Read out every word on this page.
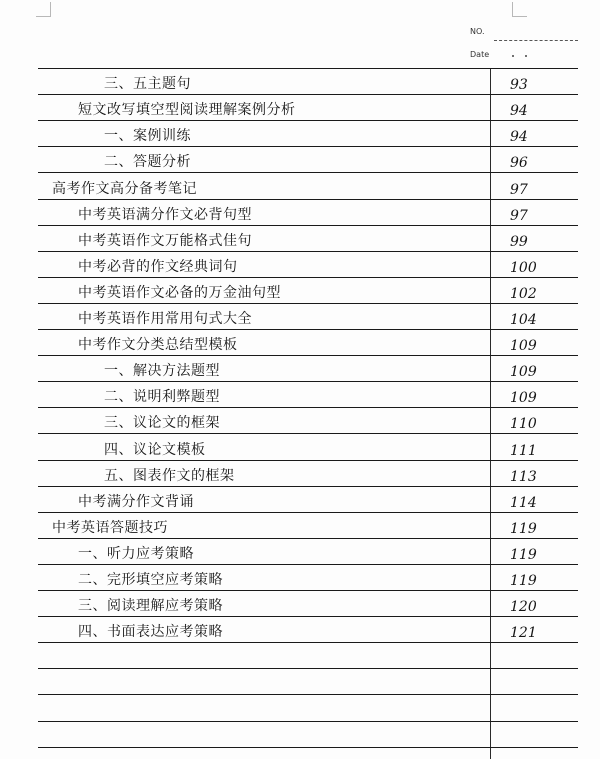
NO.
Date
三、五主题句	93
短文改写填空型阅读理解案例分析	94
一、案例训练	94
二、答题分析	96
高考作文高分备考笔记	97
中考英语满分作文必背句型	97
中考英语作文万能格式佳句	99
中考必背的作文经典词句	100
中考英语作文必备的万金油句型	102
中考英语作用常用句式大全	104
中考作文分类总结型模板	109
一、解决方法题型	109
二、说明利弊题型	109
三、议论文的框架	110
四、议论文模板	111
五、图表作文的框架	113
中考满分作文背诵	114
中考英语答题技巧	119
一、听力应考策略	119
二、完形填空应考策略	119
三、阅读理解应考策略	120
四、书面表达应考策略	121
